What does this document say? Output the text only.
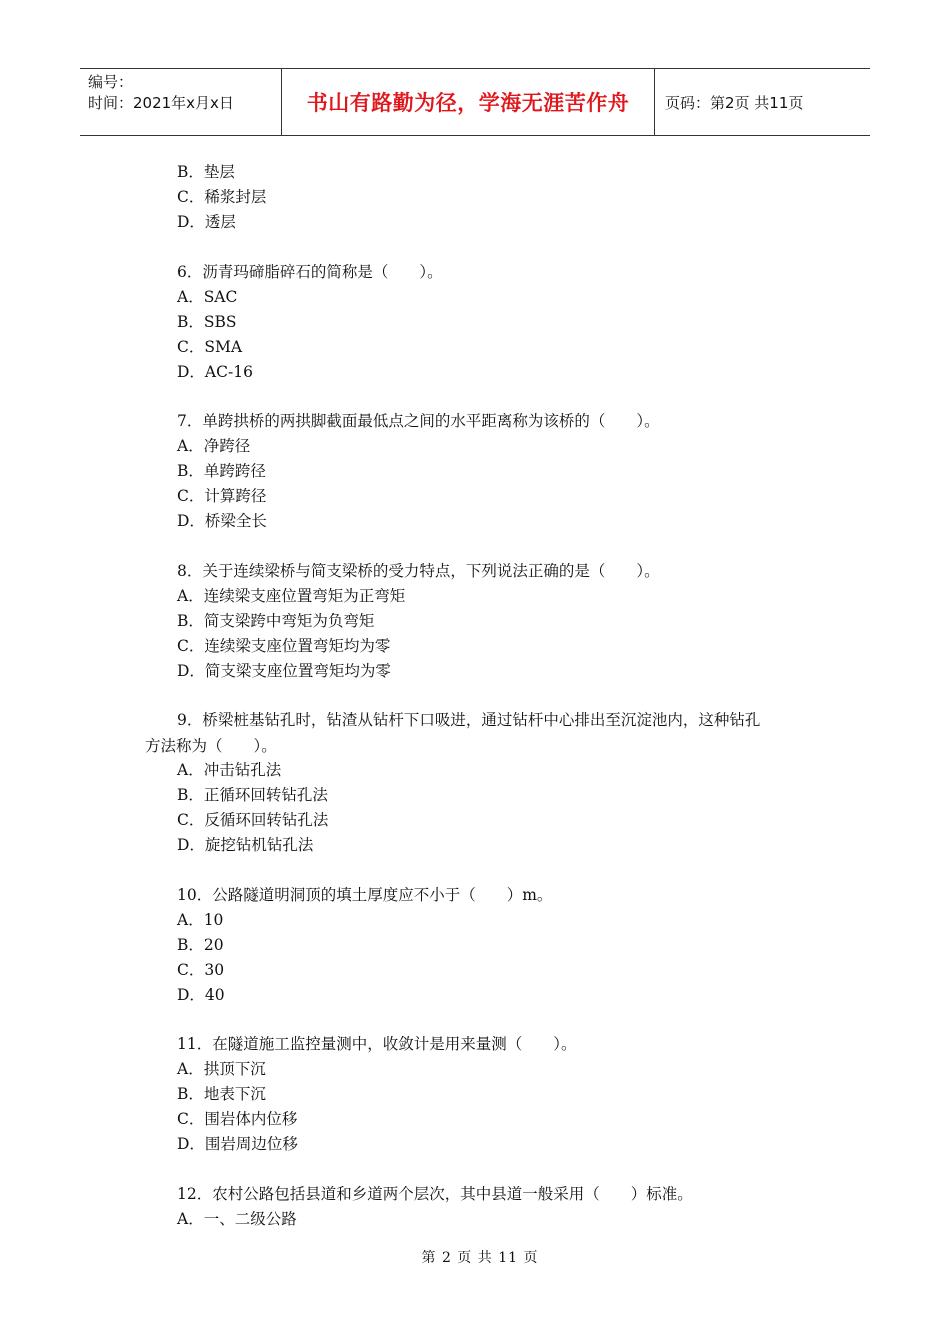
编号：
时间：2021年x月x日	书山有路勤为径，学海无涯苦作舟 页码：第2页 共11页
B．垫层
C．稀浆封层
D．透层
6．沥青玛碲脂碎石的简称是（　　）。
A．SAC
B．SBS
C．SMA
D．AC-16
7．单跨拱桥的两拱脚截面最低点之间的水平距离称为该桥的（　　）。
A．净跨径
B．单跨跨径
C．计算跨径
D．桥梁全长
8．关于连续梁桥与简支梁桥的受力特点，下列说法正确的是（　　）。
A．连续梁支座位置弯矩为正弯矩
B．简支梁跨中弯矩为负弯矩
C．连续梁支座位置弯矩均为零
D．简支梁支座位置弯矩均为零
9．桥梁桩基钻孔时，钻渣从钻杆下口吸进，通过钻杆中心排出至沉淀池内，这种钻孔
方法称为（　　）。
A．冲击钻孔法
B．正循环回转钻孔法
C．反循环回转钻孔法
D．旋挖钻机钻孔法
10．公路隧道明洞顶的填土厚度应不小于（　　）m。
A．10
B．20
C．30
D．40
11．在隧道施工监控量测中，收敛计是用来量测（　　）。
A．拱顶下沉
B．地表下沉
C．围岩体内位移
D．围岩周边位移
12．农村公路包括县道和乡道两个层次，其中县道一般采用（　　）标准。
A．一、二级公路
第 2 页 共 11 页
